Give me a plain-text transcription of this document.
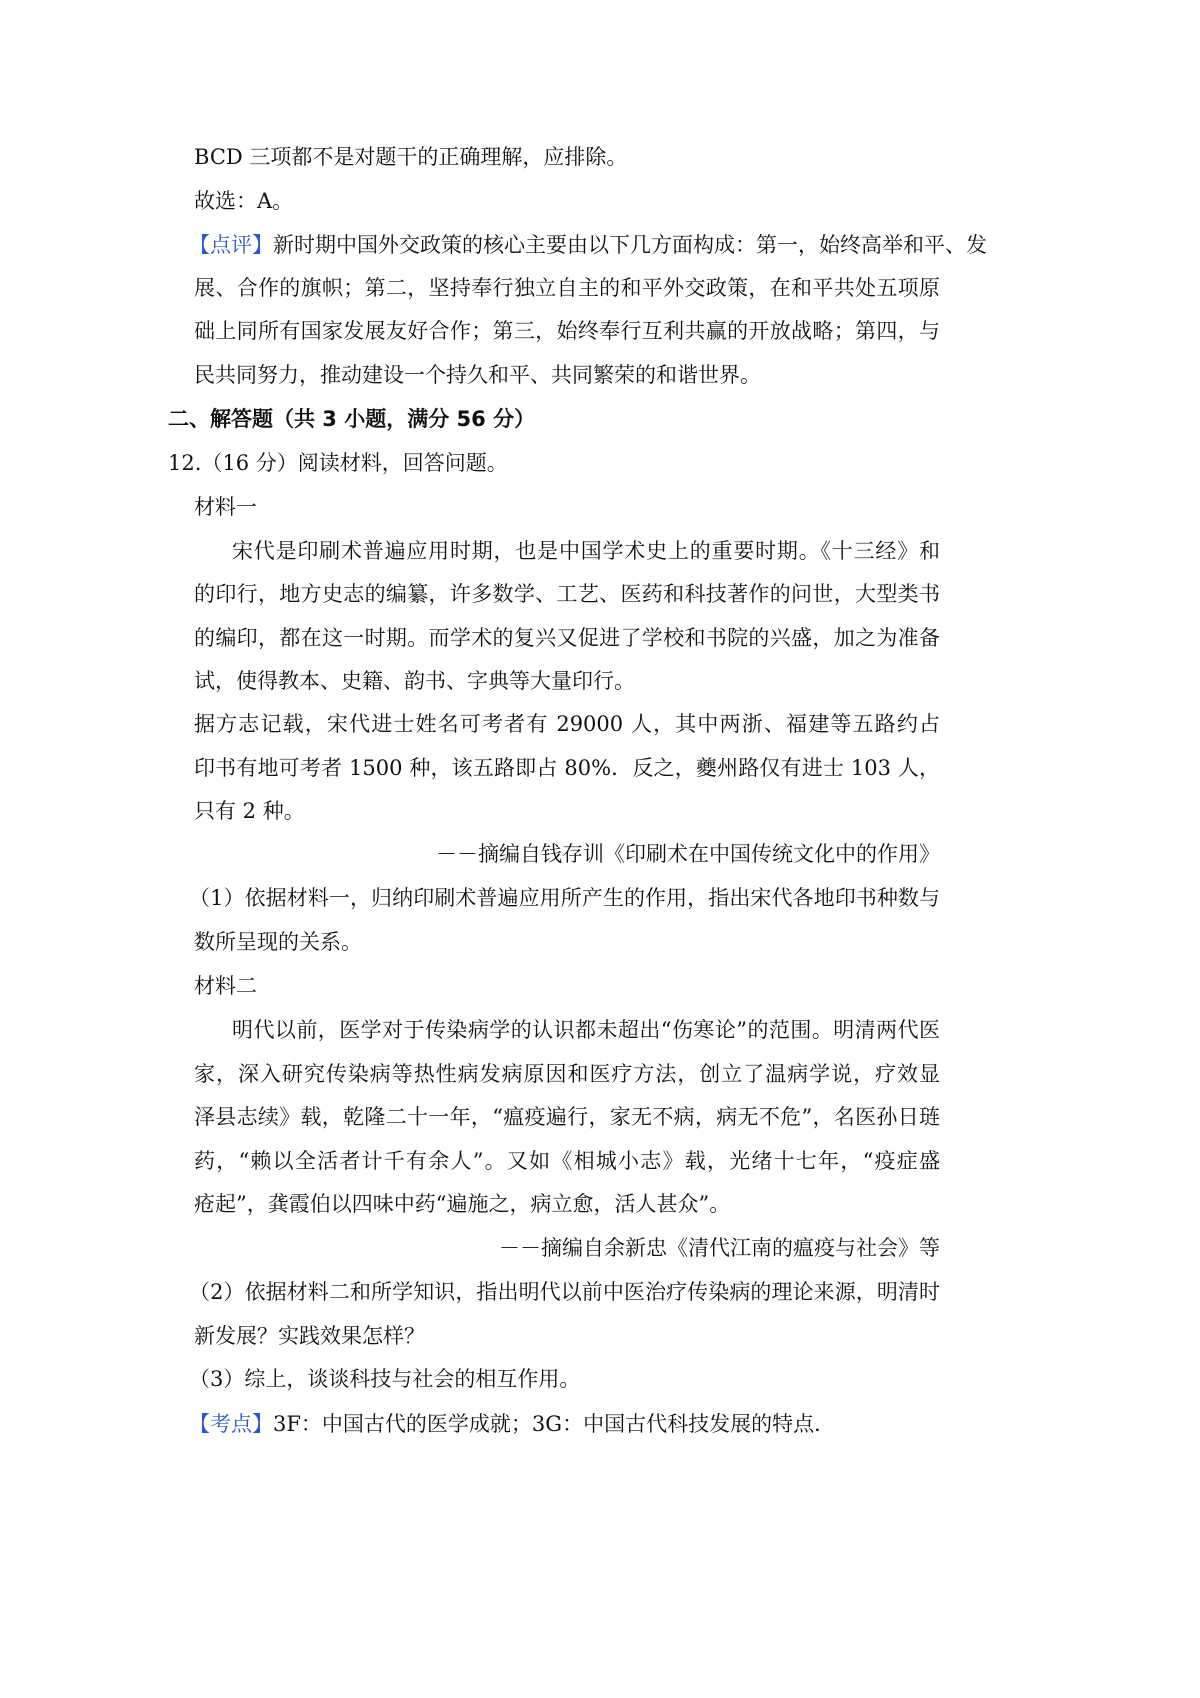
BCD 三项都不是对题干的正确理解，应排除。
故选：A。
【点评】新时期中国外交政策的核心主要由以下几方面构成：第一，始终高举和平、发
展、合作的旗帜；第二，坚持奉行独立自主的和平外交政策，在和平共处五项原
础上同所有国家发展友好合作；第三，始终奉行互利共赢的开放战略；第四，与
民共同努力，推动建设一个持久和平、共同繁荣的和谐世界。
二、解答题（共 3 小题，满分 56 分）
12.（16 分）阅读材料，回答问题。
材料一
宋代是印刷术普遍应用时期，也是中国学术史上的重要时期。《十三经》和
的印行，地方史志的编纂，许多数学、工艺、医药和科技著作的问世，大型类书
的编印，都在这一时期。而学术的复兴又促进了学校和书院的兴盛，加之为准备
试，使得教本、史籍、韵书、字典等大量印行。
据方志记载，宋代进士姓名可考者有 29000 人，其中两浙、福建等五路约占
印书有地可考者 1500 种，该五路即占 80%．反之，夔州路仅有进士 103 人，
只有 2 种。
－－摘编自钱存训《印刷术在中国传统文化中的作用》
（1）依据材料一，归纳印刷术普遍应用所产生的作用，指出宋代各地印书种数与
数所呈现的关系。
材料二
明代以前，医学对于传染病学的认识都未超出“伤寒论”的范围。明清两代医
家，深入研究传染病等热性病发病原因和医疗方法，创立了温病学说，疗效显
泽县志续》载，乾隆二十一年，“瘟疫遍行，家无不病，病无不危”，名医孙日琏
药，“赖以全活者计千有余人”。又如《相城小志》载，光绪十七年，“疫症盛
疮起”，龚霞伯以四味中药“遍施之，病立愈，活人甚众”。
－－摘编自余新忠《清代江南的瘟疫与社会》等
（2）依据材料二和所学知识，指出明代以前中医治疗传染病的理论来源，明清时
新发展？实践效果怎样？
（3）综上，谈谈科技与社会的相互作用。
【考点】3F：中国古代的医学成就；3G：中国古代科技发展的特点．
